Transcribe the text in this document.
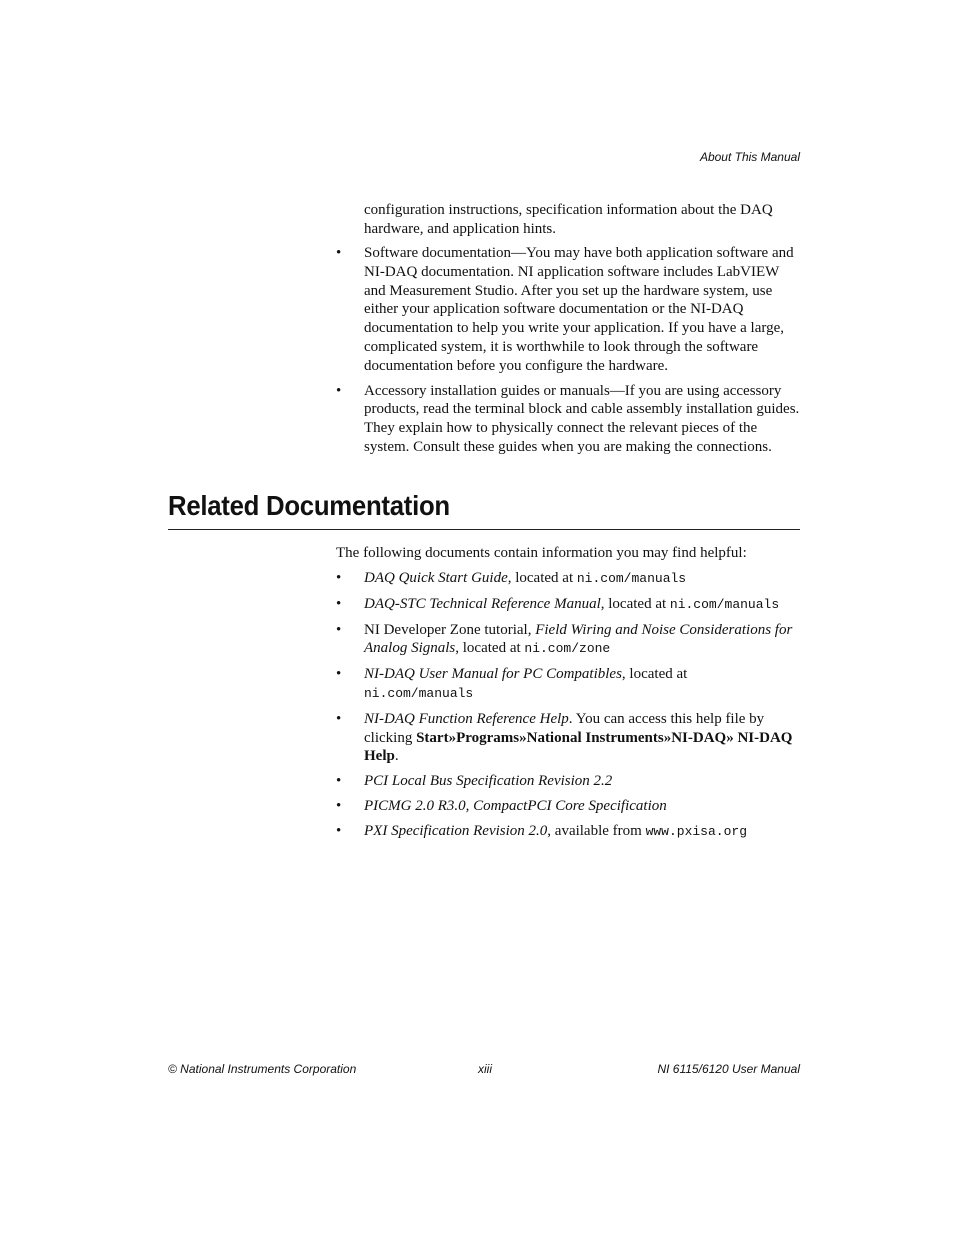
About This Manual
configuration instructions, specification information about the DAQ hardware, and application hints.
• Software documentation—You may have both application software and NI-DAQ documentation. NI application software includes LabVIEW and Measurement Studio. After you set up the hardware system, use either your application software documentation or the NI-DAQ documentation to help you write your application. If you have a large, complicated system, it is worthwhile to look through the software documentation before you configure the hardware.
• Accessory installation guides or manuals—If you are using accessory products, read the terminal block and cable assembly installation guides. They explain how to physically connect the relevant pieces of the system. Consult these guides when you are making the connections.
Related Documentation
The following documents contain information you may find helpful:
• DAQ Quick Start Guide, located at ni.com/manuals
• DAQ-STC Technical Reference Manual, located at ni.com/manuals
• NI Developer Zone tutorial, Field Wiring and Noise Considerations for Analog Signals, located at ni.com/zone
• NI-DAQ User Manual for PC Compatibles, located at
ni.com/manuals
• NI-DAQ Function Reference Help. You can access this help file by clicking Start»Programs»National Instruments»NI-DAQ» NI-DAQ Help.
• PCI Local Bus Specification Revision 2.2
• PICMG 2.0 R3.0, CompactPCI Core Specification
• PXI Specification Revision 2.0, available from www.pxisa.org
© National Instruments Corporation	xiii	NI 6115/6120 User Manual
